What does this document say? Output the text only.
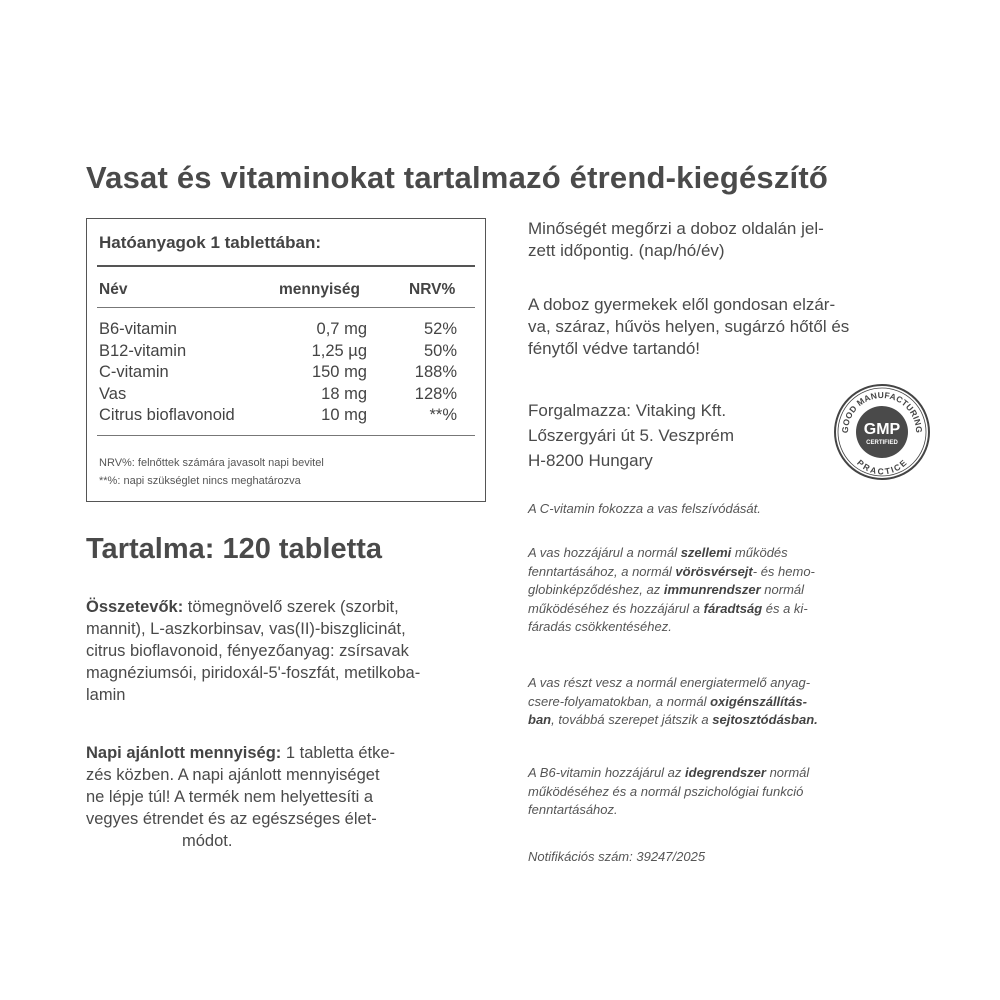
Vasat és vitaminokat tartalmazó étrend-kiegészítő
Hatóanyagok 1 tablettában:
Név	mennyiség	NRV%
B6-vitamin	0,7 mg	52%
B12-vitamin	1,25 µg	50%
C-vitamin	150 mg	188%
Vas	18 mg	128%
Citrus bioflavonoid	10 mg	**%
NRV%: felnőttek számára javasolt napi bevitel
**%: napi szükséglet nincs meghatározva
Tartalma: 120 tabletta
Összetevők: tömegnövelő szerek (szorbit,
mannit), L-aszkorbinsav, vas(II)-biszglicinát,
citrus bioflavonoid, fényezőanyag: zsírsavak
magnéziumsói, piridoxál-5'-foszfát, metilkoba-
lamin
Napi ajánlott mennyiség: 1 tabletta étke-
zés közben. A napi ajánlott mennyiséget
ne lépje túl! A termék nem helyettesíti a
vegyes étrendet és az egészséges élet-
módot.
Minőségét megőrzi a doboz oldalán jel-
zett időpontig. (nap/hó/év)
A doboz gyermekek elől gondosan elzár-
va, száraz, hűvös helyen, sugárzó hőtől és
fénytől védve tartandó!
Forgalmazza: Vitaking Kft.
Lőszergyári út 5. Veszprém
H-8200 Hungary
GOOD MANUFACTURING
PRACTICE
GMP
CERTIFIED
A C-vitamin fokozza a vas felszívódását.
A vas hozzájárul a normál szellemi működés
fenntartásához, a normál vörösvérsejt- és hemo-
globinképződéshez, az immunrendszer normál
működéséhez és hozzájárul a fáradtság és a ki-
fáradás csökkentéséhez.
A vas részt vesz a normál energiatermelő anyag-
csere-folyamatokban, a normál oxigénszállítás-
ban, továbbá szerepet játszik a sejtosztódásban.
A B6-vitamin hozzájárul az idegrendszer normál
működéséhez és a normál pszichológiai funkció
fenntartásához.
Notifikációs szám: 39247/2025
